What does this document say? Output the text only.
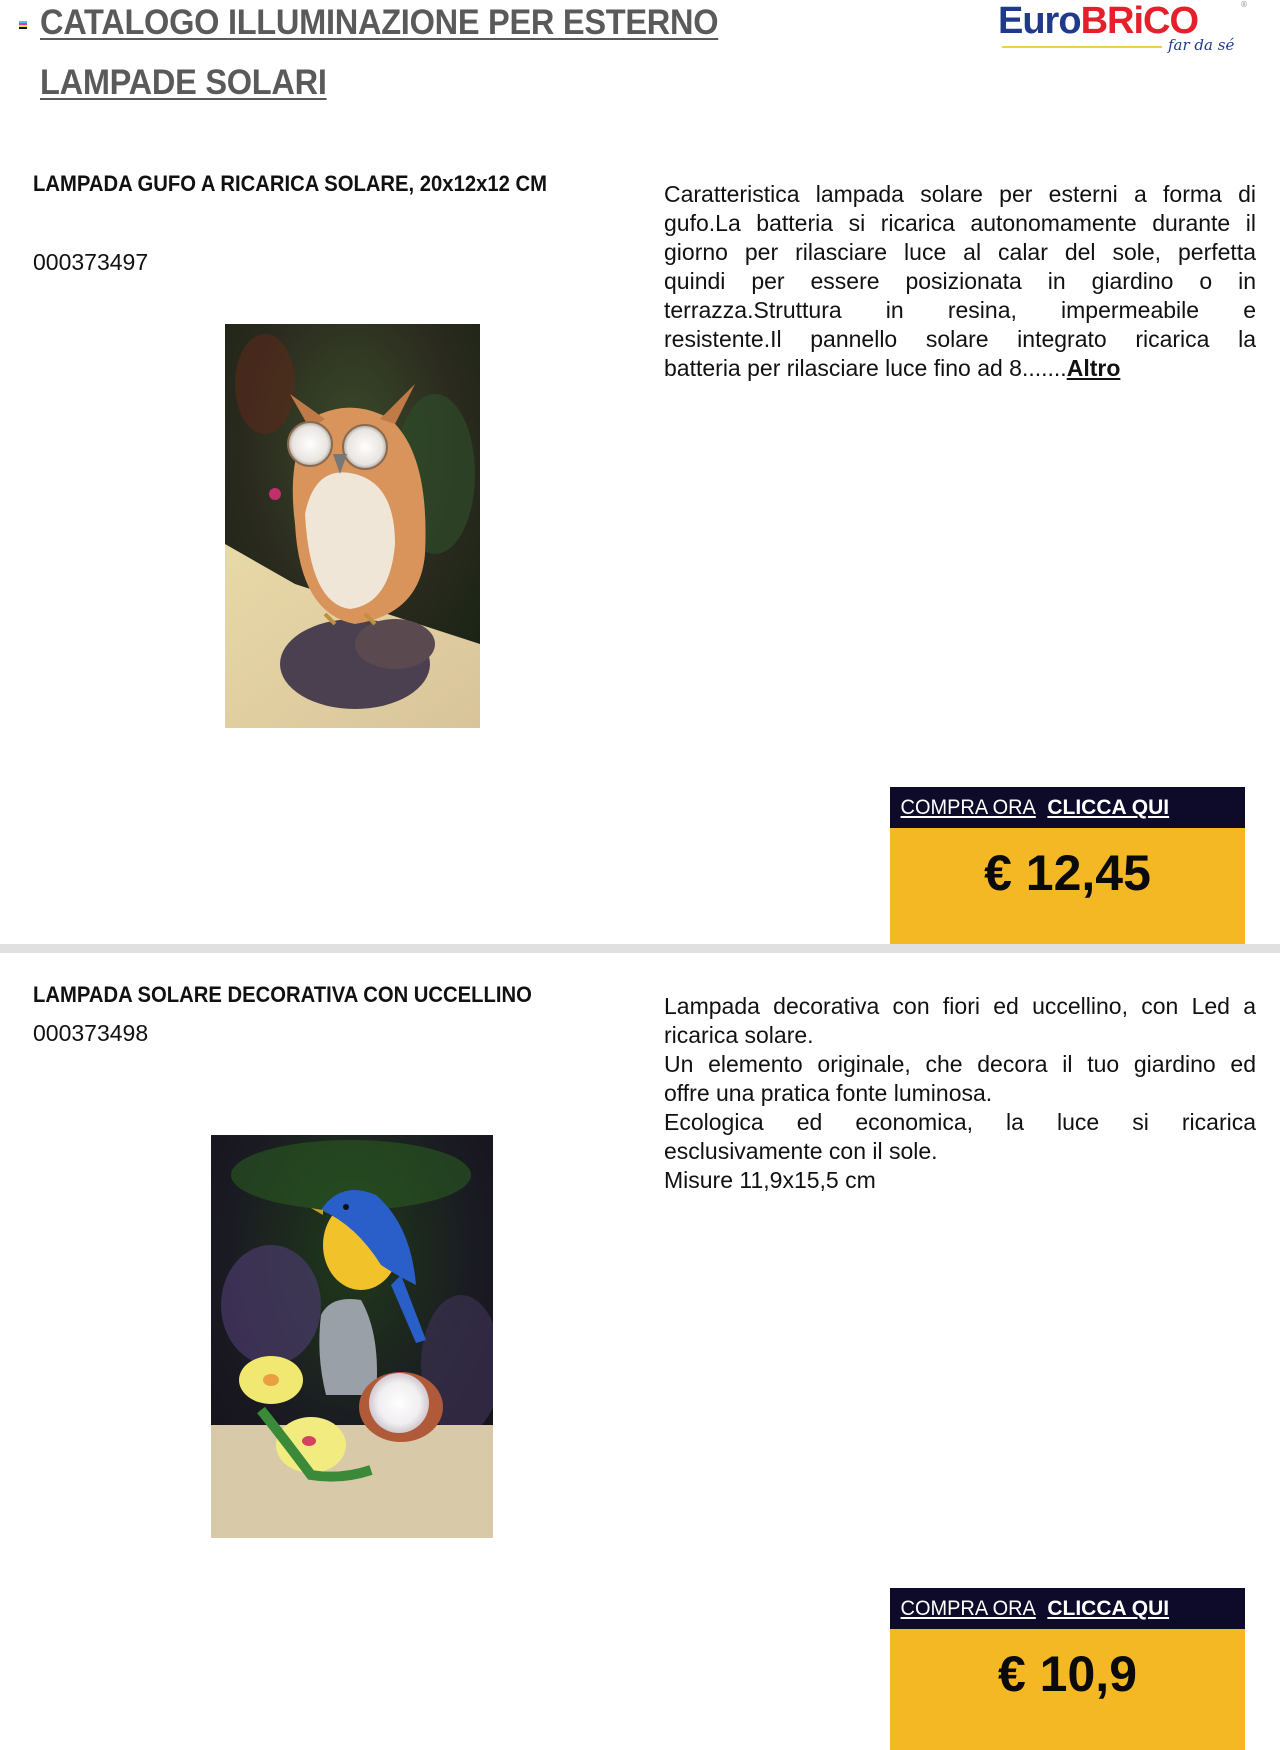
CATALOGO ILLUMINAZIONE PER ESTERNO
LAMPADE SOLARI
EuroBRiCO	®
far da sé
LAMPADA GUFO A RICARICA SOLARE, 20x12x12 CM
000373497
Caratteristica lampada solare per esterni a forma di
gufo.La batteria si ricarica autonomamente durante il
giorno per rilasciare luce al calar del sole, perfetta
quindi per essere posizionata in giardino o in
terrazza.Struttura in resina, impermeabile e
resistente.Il pannello solare integrato ricarica la
batteria per rilasciare luce fino ad 8.......Altro
COMPRA ORA CLICCA QUI
€ 12,45
LAMPADA SOLARE DECORATIVA CON UCCELLINO
000373498
Lampada decorativa con fiori ed uccellino, con Led a
ricarica solare.
Un elemento originale, che decora il tuo giardino ed
offre una pratica fonte luminosa.
Ecologica ed economica, la luce si ricarica
esclusivamente con il sole.
Misure 11,9x15,5 cm
COMPRA ORA CLICCA QUI
€ 10,9
